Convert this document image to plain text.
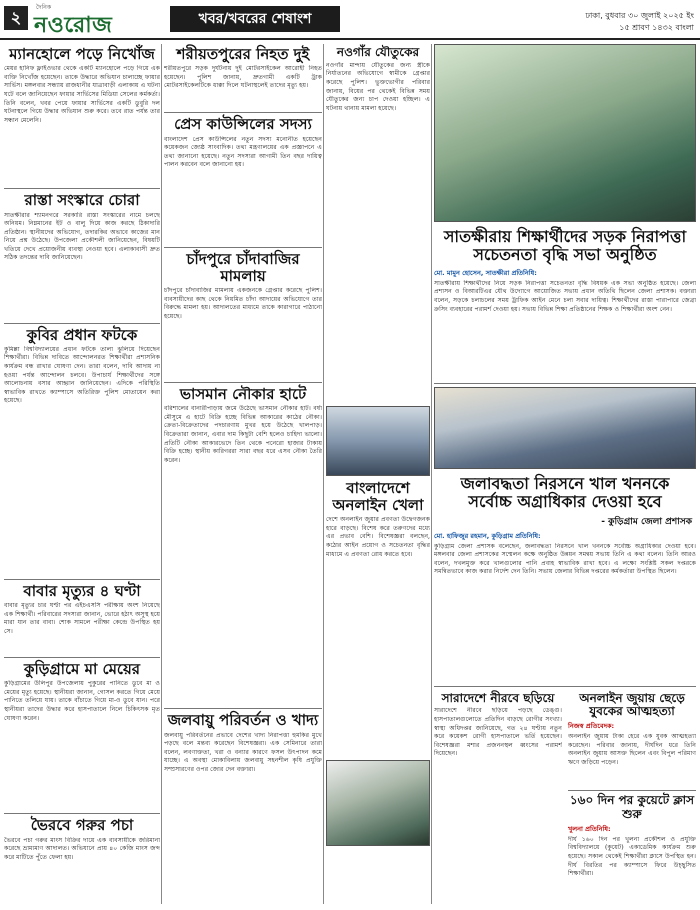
২
দৈনিক
নওরোজ	খবর/খবরের শেষাংশ	ঢাকা, বুধবার ৩০ জুলাই ২০২৫ ইং
১৫ শ্রাবণ ১৪৩২ বাংলা
ম্যানহোলে পড়ে নিখোঁজ
মেয়র হানিফ ফ্লাইওভার থেকে একটি ম্যানহোলে পড়ে গিয়ে এক ব্যক্তি নিখোঁজ হয়েছেন। তাকে উদ্ধারে অভিযান চালাচ্ছে ফায়ার সার্ভিস। মঙ্গলবার সন্ধ্যায় রাজধানীর যাত্রাবাড়ী এলাকায় এ ঘটনা ঘটে বলে জানিয়েছেন ফায়ার সার্ভিসের মিডিয়া সেলের কর্মকর্তা। তিনি বলেন, খবর পেয়ে ফায়ার সার্ভিসের একটি ডুবুরি দল ঘটনাস্থলে গিয়ে উদ্ধার অভিযান শুরু করে। তবে রাত পর্যন্ত তার সন্ধান মেলেনি।
রাস্তা সংস্কারে চোরা
সাতক্ষীরার শ্যামনগরে সরকারি রাস্তা সংস্কারের নামে চলছে অনিয়ম। নিম্নমানের ইট ও বালু দিয়ে কাজ করছে ঠিকাদারি প্রতিষ্ঠান। স্থানীয়দের অভিযোগ, তদারকির অভাবে কাজের মান নিয়ে প্রশ্ন উঠেছে। উপজেলা প্রকৌশলী জানিয়েছেন, বিষয়টি খতিয়ে দেখে প্রয়োজনীয় ব্যবস্থা নেওয়া হবে। এলাকাবাসী দ্রুত সঠিক তদন্তের দাবি জানিয়েছেন।
কুবির প্রধান ফটকে
কুমিল্লা বিশ্ববিদ্যালয়ের প্রধান ফটকে তালা ঝুলিয়ে দিয়েছেন শিক্ষার্থীরা। বিভিন্ন দাবিতে আন্দোলনরত শিক্ষার্থীরা প্রশাসনিক কার্যক্রম বন্ধ রাখার ঘোষণা দেন। তারা বলেন, দাবি আদায় না হওয়া পর্যন্ত আন্দোলন চলবে। উপাচার্য শিক্ষার্থীদের সঙ্গে আলোচনায় বসার আহ্বান জানিয়েছেন। এদিকে পরিস্থিতি স্বাভাবিক রাখতে ক্যাম্পাসে অতিরিক্ত পুলিশ মোতায়েন করা হয়েছে।
বাবার মৃত্যুর ৪ ঘণ্টা
বাবার মৃত্যুর চার ঘণ্টা পর এইচএসসি পরীক্ষায় অংশ নিয়েছে এক শিক্ষার্থী। পরিবারের সদস্যরা জানান, ভোরে হঠাৎ অসুস্থ হয়ে মারা যান তার বাবা। শোক সামলে পরীক্ষা কেন্দ্রে উপস্থিত হয় সে।
কুড়িগ্রামে মা মেয়ের
কুড়িগ্রামের উলিপুর উপজেলায় পুকুরের পানিতে ডুবে মা ও মেয়ের মৃত্যু হয়েছে। স্থানীয়রা জানান, গোসল করতে গিয়ে মেয়ে পানিতে তলিয়ে যায়। তাকে বাঁচাতে গিয়ে মা-ও ডুবে যান। পরে স্থানীয়রা তাদের উদ্ধার করে হাসপাতালে নিলে চিকিৎসক মৃত ঘোষণা করেন।
ভৈরবে গরুর পচা
ভৈরবে পচা গরুর মাংস বিক্রির দায়ে এক ব্যবসায়ীকে জরিমানা করেছে ভ্রাম্যমাণ আদালত। অভিযানে প্রায় ৪০ কেজি মাংস জব্দ করে মাটিতে পুঁতে ফেলা হয়।
শরীয়তপুরের নিহত দুই
শরীয়তপুরে সড়ক দুর্ঘটনায় দুই মোটরসাইকেল আরোহী নিহত হয়েছেন। পুলিশ জানায়, দ্রুতগামী একটি ট্রাক মোটরসাইকেলটিকে ধাক্কা দিলে ঘটনাস্থলেই তাদের মৃত্যু হয়।
প্রেস কাউন্সিলের সদস্য
বাংলাদেশ প্রেস কাউন্সিলের নতুন সদস্য মনোনীত হয়েছেন কয়েকজন জ্যেষ্ঠ সাংবাদিক। তথ্য মন্ত্রণালয়ের এক প্রজ্ঞাপনে এ তথ্য জানানো হয়েছে। নতুন সদস্যরা আগামী তিন বছর দায়িত্ব পালন করবেন বলে জানানো হয়।
চাঁদপুরে চাঁদাবাজির মামলায়
চাঁদপুরে চাঁদাবাজির মামলায় একজনকে গ্রেপ্তার করেছে পুলিশ। ব্যবসায়ীদের কাছ থেকে নিয়মিত চাঁদা আদায়ের অভিযোগে তার বিরুদ্ধে মামলা হয়। আদালতের মাধ্যমে তাকে কারাগারে পাঠানো হয়েছে।
ভাসমান নৌকার হাটে
বরিশালের বানারীপাড়ায় জমে উঠেছে ভাসমান নৌকার হাট। বর্ষা মৌসুমে এ হাটে বিক্রি হচ্ছে বিভিন্ন আকারের কাঠের নৌকা। ক্রেতা-বিক্রেতাদের পদচারণায় মুখর হয়ে উঠেছে খালপাড়। বিক্রেতারা জানান, এবার দাম কিছুটা বেশি হলেও চাহিদা ভালো। প্রতিটি নৌকা আকারভেদে তিন থেকে পনেরো হাজার টাকায় বিক্রি হচ্ছে। স্থানীয় কারিগররা সারা বছর ধরে এসব নৌকা তৈরি করেন।
জলবায়ু পরিবর্তন ও খাদ্য
জলবায়ু পরিবর্তনের প্রভাবে দেশের খাদ্য নিরাপত্তা হুমকির মুখে পড়ছে বলে মন্তব্য করেছেন বিশেষজ্ঞরা। এক সেমিনারে তারা বলেন, লবণাক্ততা, খরা ও বন্যার কারণে ফসল উৎপাদন কমে যাচ্ছে। এ অবস্থা মোকাবিলায় জলবায়ু সহনশীল কৃষি প্রযুক্তি সম্প্রসারণের ওপর জোর দেন বক্তারা।
নওগাঁর যৌতুকের
নওগাঁর মান্দায় যৌতুকের জন্য স্ত্রীকে নির্যাতনের অভিযোগে স্বামীকে গ্রেপ্তার করেছে পুলিশ। ভুক্তভোগীর পরিবার জানায়, বিয়ের পর থেকেই বিভিন্ন সময় যৌতুকের জন্য চাপ দেওয়া হচ্ছিল। এ ঘটনায় থানায় মামলা হয়েছে।
বাংলাদেশে অনলাইন খেলা
দেশে অনলাইন জুয়ার প্রবণতা উদ্বেগজনক হারে বাড়ছে। বিশেষ করে তরুণদের মধ্যে এর প্রভাব বেশি। বিশেষজ্ঞরা বলছেন, কঠোর আইন প্রয়োগ ও সচেতনতা বৃদ্ধির মাধ্যমে এ প্রবণতা রোধ করতে হবে।
সাতক্ষীরায় শিক্ষার্থীদের সড়ক নিরাপত্তা সচেতনতা বৃদ্ধি সভা অনুষ্ঠিত
মো. মামুন হোসেন, সাতক্ষীরা প্রতিনিধি:
সাতক্ষীরায় শিক্ষার্থীদের নিয়ে সড়ক নিরাপত্তা সচেতনতা বৃদ্ধি বিষয়ক এক সভা অনুষ্ঠিত হয়েছে। জেলা প্রশাসন ও বিআরটিএর যৌথ উদ্যোগে আয়োজিত সভায় প্রধান অতিথি ছিলেন জেলা প্রশাসক। বক্তারা বলেন, সড়কে চলাচলের সময় ট্রাফিক আইন মেনে চলা সবার দায়িত্ব। শিক্ষার্থীদের রাস্তা পারাপারে জেব্রা ক্রসিং ব্যবহারের পরামর্শ দেওয়া হয়। সভায় বিভিন্ন শিক্ষা প্রতিষ্ঠানের শিক্ষক ও শিক্ষার্থীরা অংশ নেন।
জলাবদ্ধতা নিরসনে খাল খননকে সর্বোচ্চ অগ্রাধিকার দেওয়া হবে
- কুড়িগ্রাম জেলা প্রশাসক
মো. হাফিজুর রহমান, কুড়িগ্রাম প্রতিনিধি:
কুড়িগ্রাম জেলা প্রশাসক বলেছেন, জলাবদ্ধতা নিরসনে খাল খননকে সর্বোচ্চ অগ্রাধিকার দেওয়া হবে। মঙ্গলবার জেলা প্রশাসকের সম্মেলন কক্ষে অনুষ্ঠিত উন্নয়ন সমন্বয় সভায় তিনি এ কথা বলেন। তিনি আরও বলেন, দখলমুক্ত করে খালগুলোর পানি প্রবাহ স্বাভাবিক রাখা হবে। এ লক্ষ্যে সংশ্লিষ্ট সকল দপ্তরকে সমন্বিতভাবে কাজ করার নির্দেশ দেন তিনি। সভায় জেলার বিভিন্ন দপ্তরের কর্মকর্তারা উপস্থিত ছিলেন।
সারাদেশে নীরবে ছড়িয়ে
সারাদেশে নীরবে ছড়িয়ে পড়ছে ডেঙ্গু। হাসপাতালগুলোতে প্রতিদিন বাড়ছে রোগীর সংখ্যা। স্বাস্থ্য অধিদপ্তর জানিয়েছে, গত ২৪ ঘণ্টায় নতুন করে কয়েকশ রোগী হাসপাতালে ভর্তি হয়েছেন। বিশেষজ্ঞরা মশার প্রজননস্থল ধ্বংসের পরামর্শ দিয়েছেন।
অনলাইন জুয়ায় ছেড়ে যুবকের আত্মহত্যা
নিজস্ব প্রতিবেদক:
অনলাইন জুয়ায় টাকা হেরে এক যুবক আত্মহত্যা করেছেন। পরিবার জানায়, দীর্ঘদিন ধরে তিনি অনলাইন জুয়ায় আসক্ত ছিলেন এবং বিপুল পরিমাণ ঋণে জড়িয়ে পড়েন।
১৬০ দিন পর কুয়েটে ক্লাস শুরু
খুলনা প্রতিনিধি:
দীর্ঘ ১৬০ দিন পর খুলনা প্রকৌশল ও প্রযুক্তি বিশ্ববিদ্যালয়ে (কুয়েট) একাডেমিক কার্যক্রম শুরু হয়েছে। সকাল থেকেই শিক্ষার্থীরা ক্লাসে উপস্থিত হন। দীর্ঘ বিরতির পর ক্যাম্পাসে ফিরে উচ্ছ্বসিত শিক্ষার্থীরা।
